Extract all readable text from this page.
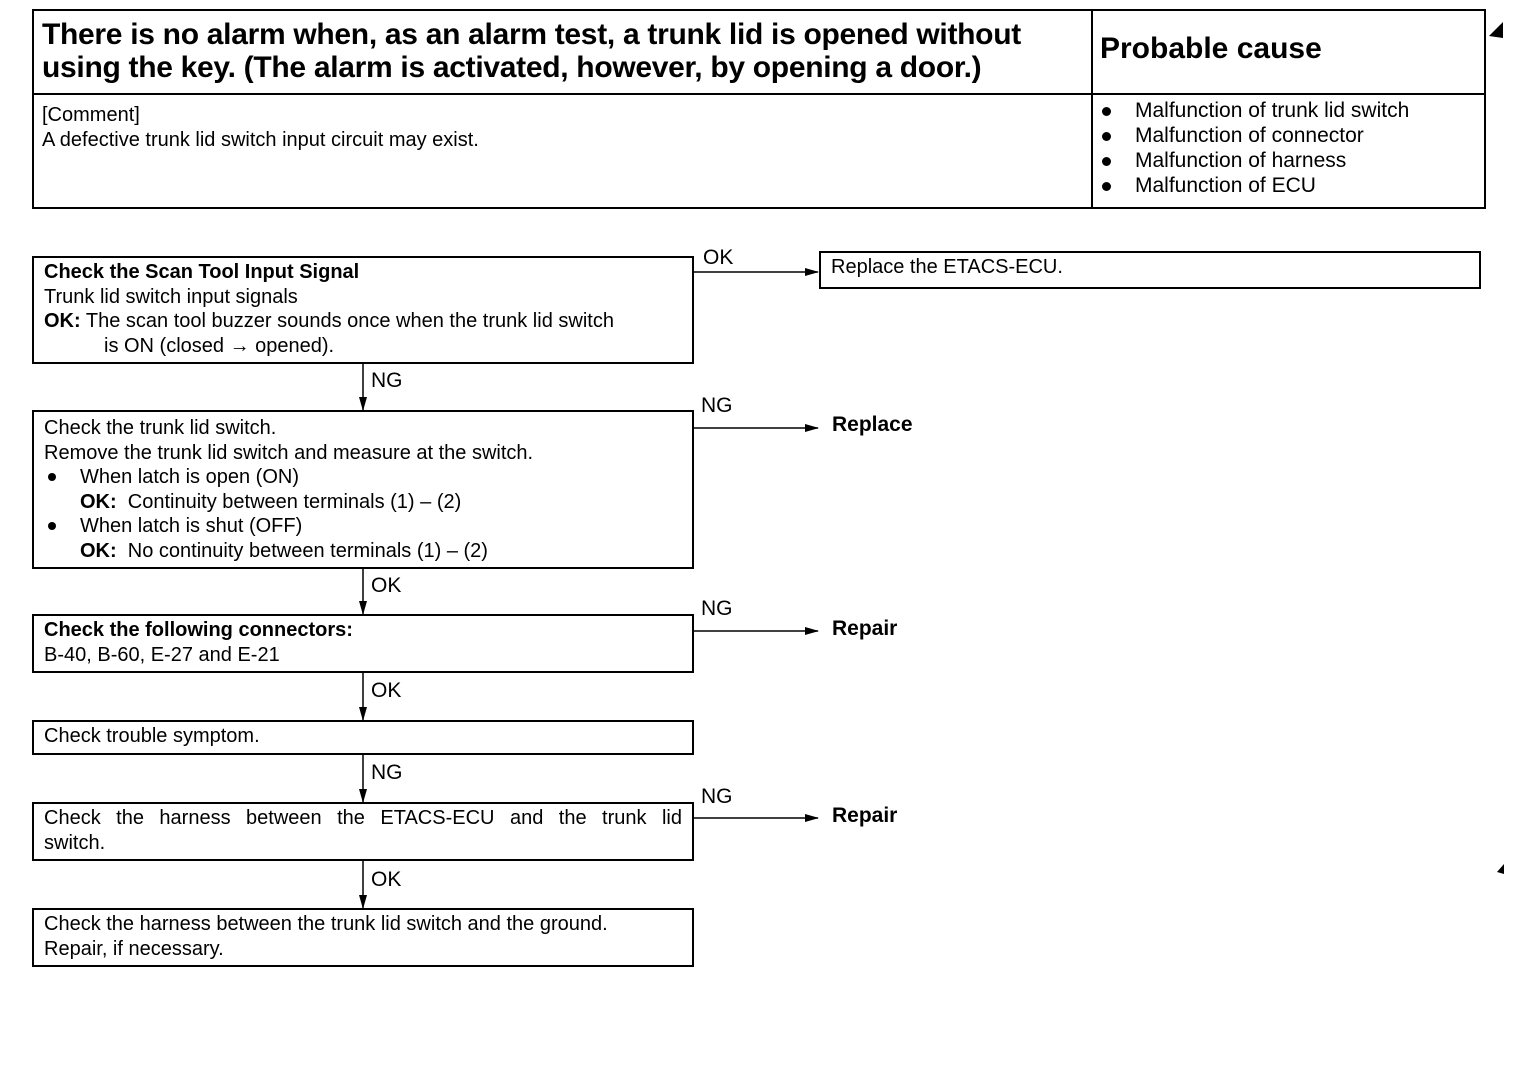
There is no alarm when, as an alarm test, a trunk lid is opened without using the key. (The alarm is activated, however, by opening a door.)
Probable cause
[Comment]
A defective trunk lid switch input circuit may exist.
Malfunction of trunk lid switch
Malfunction of connector
Malfunction of harness
Malfunction of ECU
Check the Scan Tool Input Signal
Trunk lid switch input signals
OK: The scan tool buzzer sounds once when the trunk lid switch
is ON (closed → opened).
OK	Replace the ETACS-ECU.
NG
Check the trunk lid switch.
Remove the trunk lid switch and measure at the switch.
When latch is open (ON)
OK: Continuity between terminals (1) – (2)
When latch is shut (OFF)
OK: No continuity between terminals (1) – (2)
NG
Replace
OK
Check the following connectors:
B-40, B-60, E-27 and E-21
NG
Repair
OK
Check trouble symptom.
NG
Check the harness between the ETACS-ECU and the trunk lid
switch.
NG
Repair
OK
Check the harness between the trunk lid switch and the ground.
Repair, if necessary.
